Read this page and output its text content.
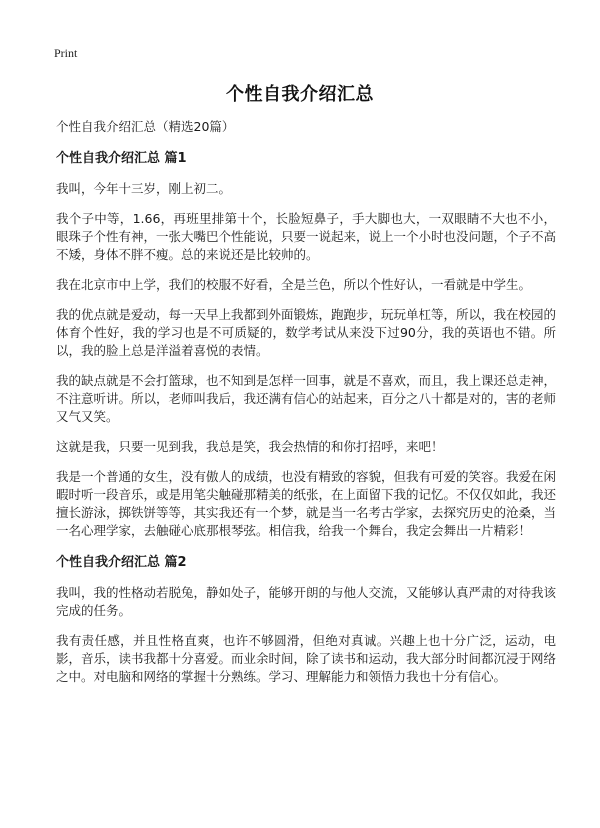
Print
个性自我介绍汇总

个性自我介绍汇总（精选20篇）

个性自我介绍汇总 篇1

我叫，今年十三岁，刚上初二。

我个子中等，1.66，再班里排第十个，长脸短鼻子，手大脚也大，一双眼睛不大也不小，眼珠子个性有神，一张大嘴巴个性能说，只要一说起来，说上一个小时也没问题，个子不高不矮，身体不胖不瘦。总的来说还是比较帅的。

我在北京市中上学，我们的校服不好看，全是兰色，所以个性好认，一看就是中学生。

我的优点就是爱动，每一天早上我都到外面锻炼，跑跑步，玩玩单杠等，所以，我在校园的体育个性好，我的学习也是不可质疑的，数学考试从来没下过90分，我的英语也不错。所以，我的脸上总是洋溢着喜悦的表情。

我的缺点就是不会打篮球，也不知到是怎样一回事，就是不喜欢，而且，我上课还总走神，不注意听讲。所以，老师叫我后，我还满有信心的站起来，百分之八十都是对的，害的老师又气又笑。

这就是我，只要一见到我，我总是笑，我会热情的和你打招呼，来吧！

我是一个普通的女生，没有傲人的成绩，也没有精致的容貌，但我有可爱的笑容。我爱在闲暇时听一段音乐，或是用笔尖触碰那精美的纸张，在上面留下我的记忆。不仅仅如此，我还擅长游泳，掷铁饼等等，其实我还有一个梦，就是当一名考古学家，去探究历史的沧桑，当一名心理学家，去触碰心底那根琴弦。相信我，给我一个舞台，我定会舞出一片精彩！

个性自我介绍汇总 篇2

我叫，我的性格动若脱兔，静如处子，能够开朗的与他人交流，又能够认真严肃的对待我该完成的任务。

我有责任感，并且性格直爽，也许不够圆滑，但绝对真诚。兴趣上也十分广泛，运动，电影，音乐，读书我都十分喜爱。而业余时间，除了读书和运动，我大部分时间都沉浸于网络之中。对电脑和网络的掌握十分熟练。学习、理解能力和领悟力我也十分有信心。
